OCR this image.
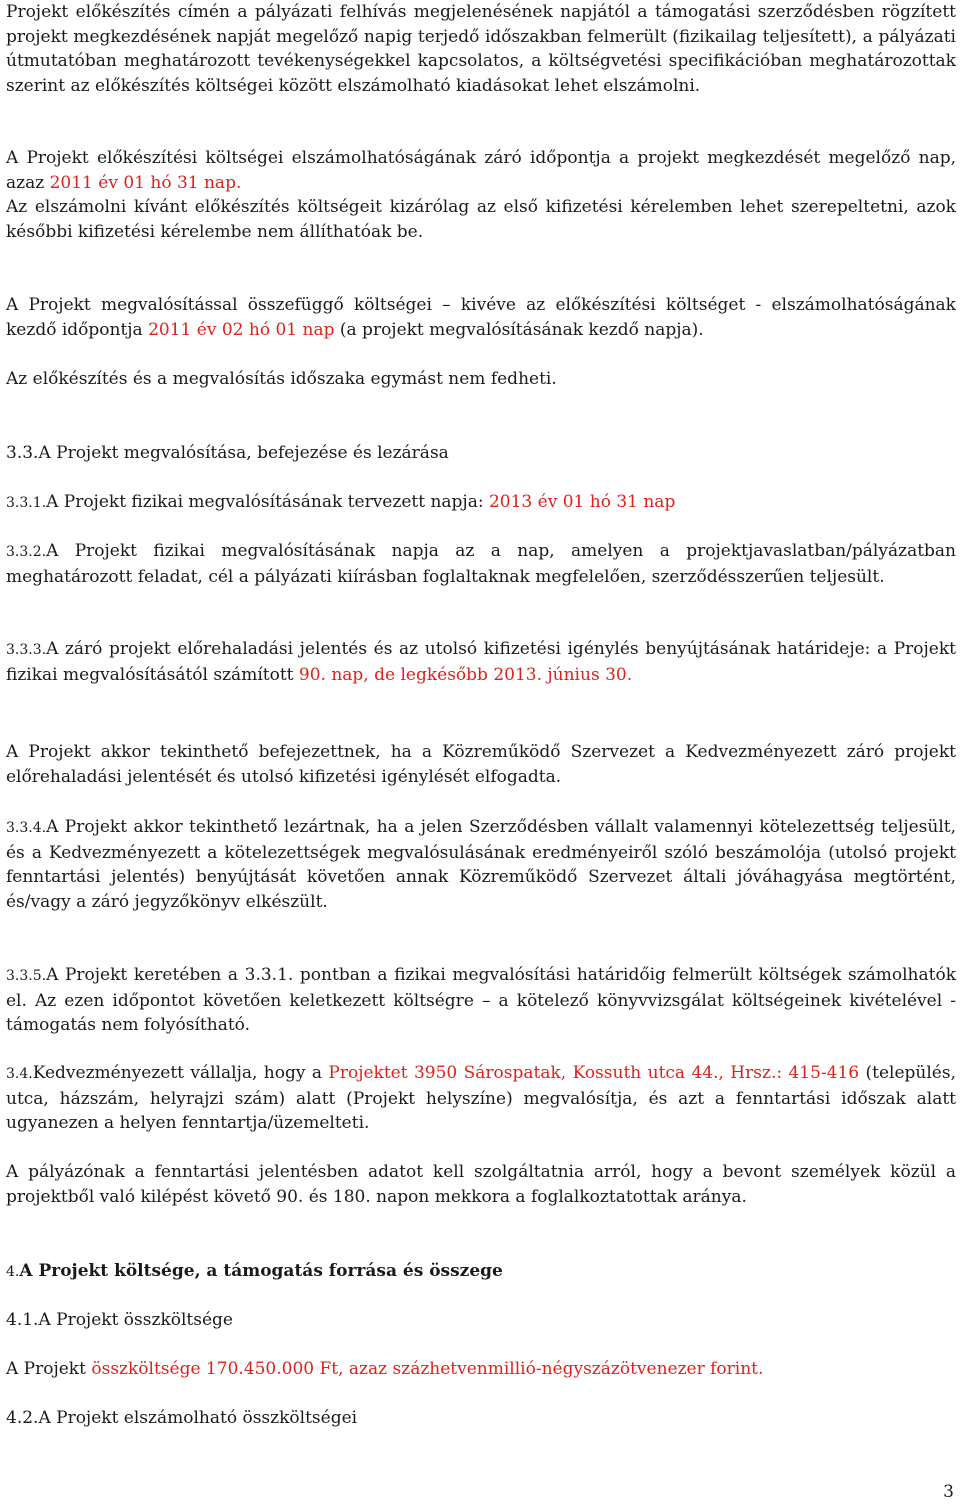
Projekt előkészítés címén a pályázati felhívás megjelenésének napjától a támogatási szerződésben rögzített projekt megkezdésének napját megelőző napig terjedő időszakban felmerült (fizikailag teljesített), a pályázati útmutatóban meghatározott tevékenységekkel kapcsolatos, a költségvetési specifikációban meghatározottak szerint az előkészítés költségei között elszámolható kiadásokat lehet elszámolni.

A Projekt előkészítési költségei elszámolhatóságának záró időpontja a projekt megkezdését megelőző nap, azaz 2011 év 01 hó 31 nap.

Az elszámolni kívánt előkészítés költségeit kizárólag az első kifizetési kérelemben lehet szerepeltetni, azok későbbi kifizetési kérelembe nem állíthatóak be.

A Projekt megvalósítással összefüggő költségei – kivéve az előkészítési költséget - elszámolhatóságának kezdő időpontja 2011 év 02 hó 01 nap (a projekt megvalósításának kezdő napja).

Az előkészítés és a megvalósítás időszaka egymást nem fedheti.

3.3.A Projekt megvalósítása, befejezése és lezárása

3.3.1.A Projekt fizikai megvalósításának tervezett napja: 2013 év 01 hó 31 nap

3.3.2.A Projekt fizikai megvalósításának napja az a nap, amelyen a projektjavaslatban/pályázatban meghatározott feladat, cél a pályázati kiírásban foglaltaknak megfelelően, szerződésszerűen teljesült.

3.3.3.A záró projekt előrehaladási jelentés és az utolsó kifizetési igénylés benyújtásának határideje: a Projekt fizikai megvalósításától számított 90. nap, de legkésőbb 2013. június 30.

A Projekt akkor tekinthető befejezettnek, ha a Közreműködő Szervezet a Kedvezményezett záró projekt előrehaladási jelentését és utolsó kifizetési igénylését elfogadta.

3.3.4.A Projekt akkor tekinthető lezártnak, ha a jelen Szerződésben vállalt valamennyi kötelezettség teljesült, és a Kedvezményezett a kötelezettségek megvalósulásának eredményeiről szóló beszámolója (utolsó projekt fenntartási jelentés) benyújtását követően annak Közreműködő Szervezet általi jóváhagyása megtörtént, és/vagy a záró jegyzőkönyv elkészült.

3.3.5.A Projekt keretében a 3.3.1. pontban a fizikai megvalósítási határidőig felmerült költségek számolhatók el. Az ezen időpontot követően keletkezett költségre – a kötelező könyvvizsgálat költségeinek kivételével - támogatás nem folyósítható.

3.4.Kedvezményezett vállalja, hogy a Projektet 3950 Sárospatak, Kossuth utca 44., Hrsz.: 415-416 (település, utca, házszám, helyrajzi szám) alatt (Projekt helyszíne) megvalósítja, és azt a fenntartási időszak alatt ugyanezen a helyen fenntartja/üzemelteti.

A pályázónak a fenntartási jelentésben adatot kell szolgáltatnia arról, hogy a bevont személyek közül a projektből való kilépést követő 90. és 180. napon mekkora a foglalkoztatottak aránya.

4.A Projekt költsége, a támogatás forrása és összege

4.1.A Projekt összköltsége

A Projekt összköltsége 170.450.000 Ft, azaz százhetvenmillió-négyszázötvenezer forint.

4.2.A Projekt elszámolható összköltségei

3
